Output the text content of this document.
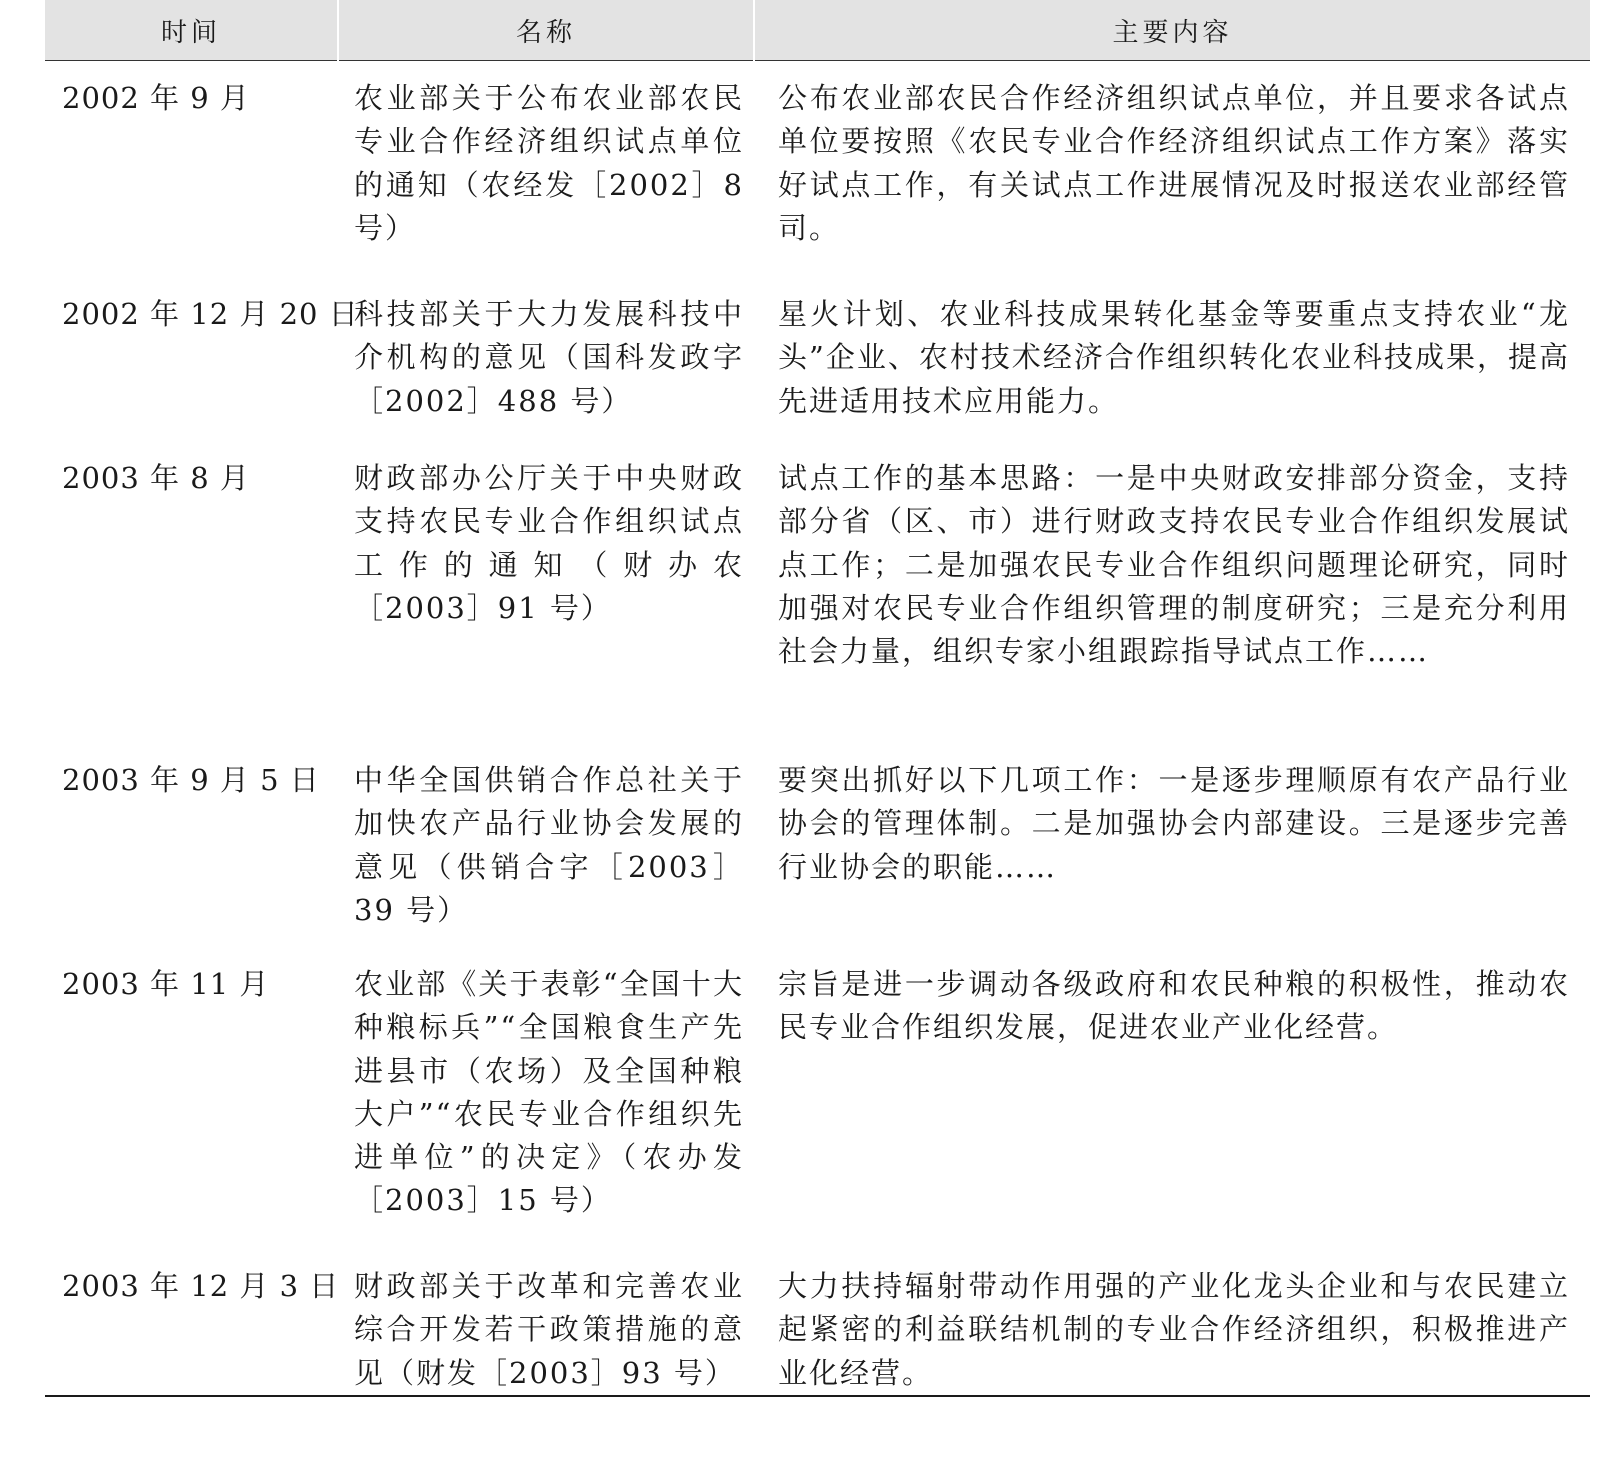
时间	名称	主要内容
2002 年 9 月	农业部关于公布农业部农民专业合作经济组织试点单位的通知（农经发［2002］8 号）	公布农业部农民合作经济组织试点单位，并且要求各试点单位要按照《农民专业合作经济组织试点工作方案》落实好试点工作，有关试点工作进展情况及时报送农业部经管司。
2002 年 12 月 20 日	科技部关于大力发展科技中介机构的意见（国科发政字［2002］488 号）	星火计划、农业科技成果转化基金等要重点支持农业“龙头”企业、农村技术经济合作组织转化农业科技成果，提高先进适用技术应用能力。
2003 年 8 月	财政部办公厅关于中央财政支持农民专业合作组织试点工作的通知（财办农［2003］91 号）	试点工作的基本思路：一是中央财政安排部分资金，支持部分省（区、市）进行财政支持农民专业合作组织发展试点工作；二是加强农民专业合作组织问题理论研究，同时加强对农民专业合作组织管理的制度研究；三是充分利用社会力量，组织专家小组跟踪指导试点工作……
2003 年 9 月 5 日	中华全国供销合作总社关于加快农产品行业协会发展的意见（供销合字［2003］39 号）	要突出抓好以下几项工作：一是逐步理顺原有农产品行业协会的管理体制。二是加强协会内部建设。三是逐步完善行业协会的职能……
2003 年 11 月	农业部《关于表彰“全国十大种粮标兵”“全国粮食生产先进县市（农场）及全国种粮大户”“农民专业合作组织先进单位”的决定》（农办发［2003］15 号）	宗旨是进一步调动各级政府和农民种粮的积极性，推动农民专业合作组织发展，促进农业产业化经营。
2003 年 12 月 3 日	财政部关于改革和完善农业综合开发若干政策措施的意见（财发［2003］93 号）	大力扶持辐射带动作用强的产业化龙头企业和与农民建立起紧密的利益联结机制的专业合作经济组织，积极推进产业化经营。
